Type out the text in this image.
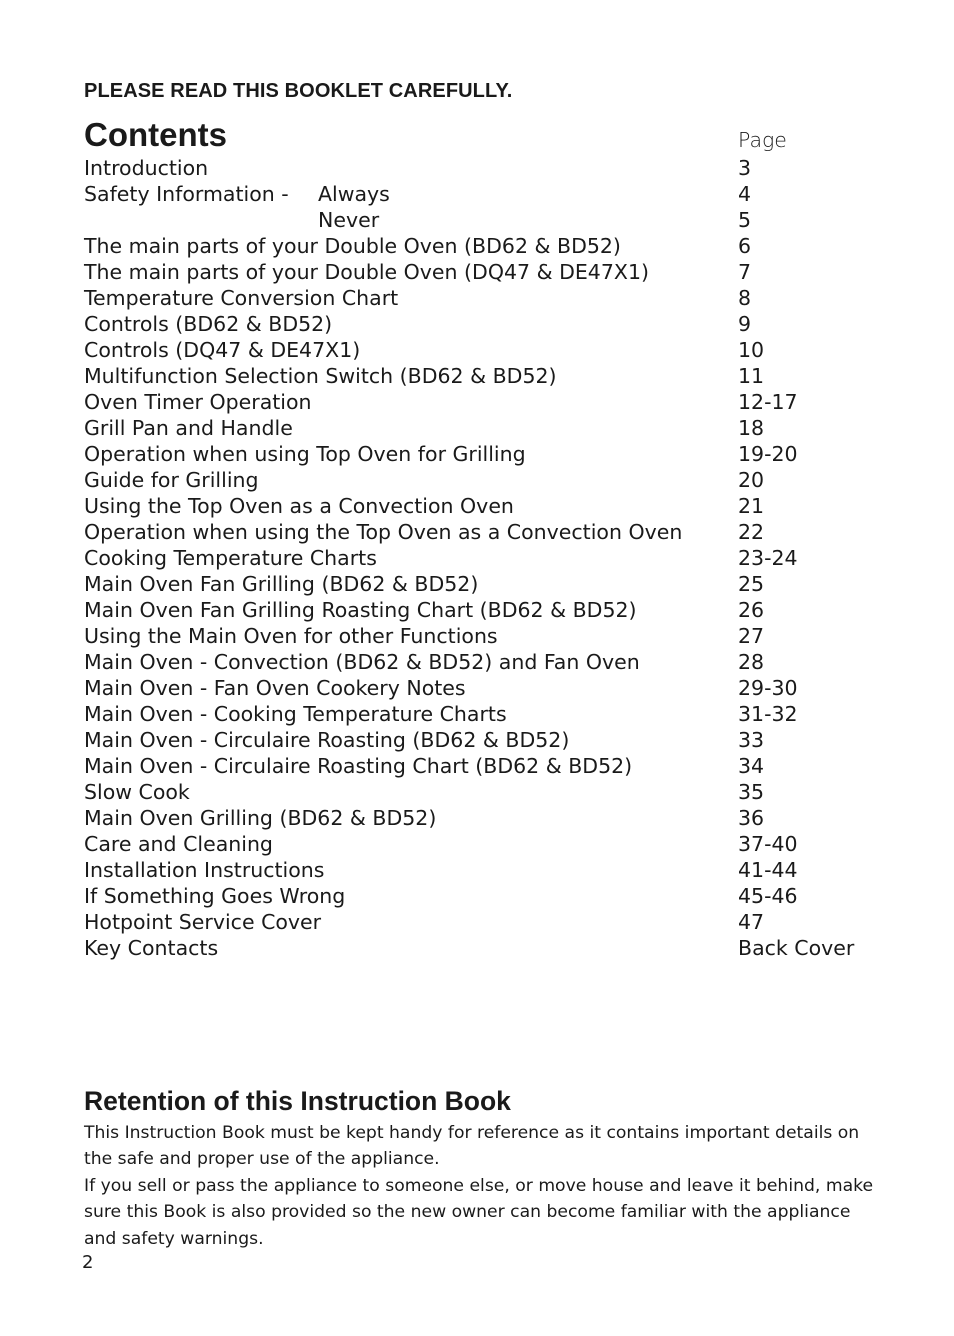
PLEASE READ THIS BOOKLET CAREFULLY.
Contents	Page
Introduction	3
Safety Information - Always	4
Never	5
The main parts of your Double Oven (BD62 & BD52)	6
The main parts of your Double Oven (DQ47 & DE47X1)	7
Temperature Conversion Chart	8
Controls (BD62 & BD52)	9
Controls (DQ47 & DE47X1)	10
Multifunction Selection Switch (BD62 & BD52)	11
Oven Timer Operation	12-17
Grill Pan and Handle	18
Operation when using Top Oven for Grilling	19-20
Guide for Grilling	20
Using the Top Oven as a Convection Oven	21
Operation when using the Top Oven as a Convection Oven	22
Cooking Temperature Charts	23-24
Main Oven Fan Grilling (BD62 & BD52)	25
Main Oven Fan Grilling Roasting Chart (BD62 & BD52)	26
Using the Main Oven for other Functions	27
Main Oven - Convection (BD62 & BD52) and Fan Oven	28
Main Oven - Fan Oven Cookery Notes	29-30
Main Oven - Cooking Temperature Charts	31-32
Main Oven - Circulaire Roasting (BD62 & BD52)	33
Main Oven - Circulaire Roasting Chart (BD62 & BD52)	34
Slow Cook	35
Main Oven Grilling (BD62 & BD52)	36
Care and Cleaning	37-40
Installation Instructions	41-44
If Something Goes Wrong	45-46
Hotpoint Service Cover	47
Key Contacts	Back Cover
Retention of this Instruction Book

This Instruction Book must be kept handy for reference as it contains important details on the safe and proper use of the appliance.

If you sell or pass the appliance to someone else, or move house and leave it behind, make sure this Book is also provided so the new owner can become familiar with the appliance and safety warnings.

2
